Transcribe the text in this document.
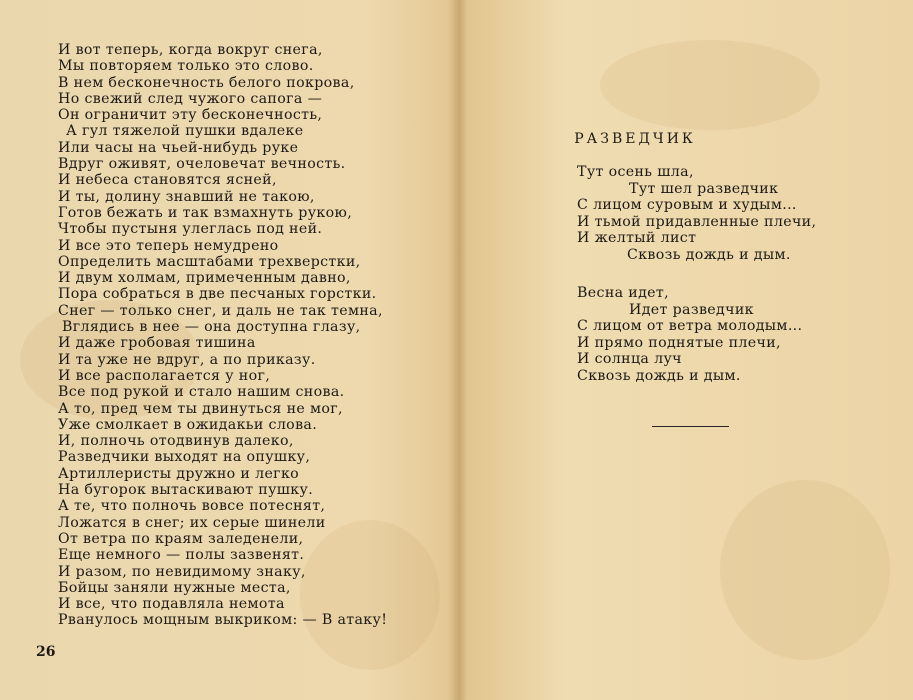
И вот теперь, когда вокруг снега,
Мы повторяем только это слово.
В нем бесконечность белого покрова,
Но свежий след чужого сапога —
Он ограничит эту бесконечность,
А гул тяжелой пушки вдалеке
Или часы на чьей-нибудь руке
Вдруг оживят, очеловечат вечность.
И небеса становятся ясней,
И ты, долину знавший не такою,
Готов бежать и так взмахнуть рукою,
Чтобы пустыня улеглась под ней.
И все это теперь немудрено
Определить масштабами трехверстки,
И двум холмам, примеченным давно,
Пора собраться в две песчаных горстки.
Снег — только снег, и даль не так темна,
Вглядись в нее — она доступна глазу,
И даже гробовая тишина
И та уже не вдруг, а по приказу.
И все располагается у ног,
Все под рукой и стало нашим снова.
А то, пред чем ты двинуться не мог,
Уже смолкает в ожидакьи слова.
И, полночь отодвинув далеко,
Разведчики выходят на опушку,
Артиллеристы дружно и легко
На бугорок вытаскивают пушку.
А те, что полночь вовсе потеснят,
Ложатся в снег; их серые шинели
От ветра по краям заледенели,
Еще немного — полы зазвенят.
И разом, по невидимому знаку,
Бойцы заняли нужные места,
И все, что подавляла немота
Рванулось мощным выкриком: — В атаку!
26
РАЗВЕДЧИК
Тут осень шла,
Тут шел разведчик
С лицом суровым и худым...
И тьмой придавленные плечи,
И желтый лист
Сквозь дождь и дым.
Весна идет,
Идет разведчик
С лицом от ветра молодым...
И прямо поднятые плечи,
И солнца луч
Сквозь дождь и дым.
